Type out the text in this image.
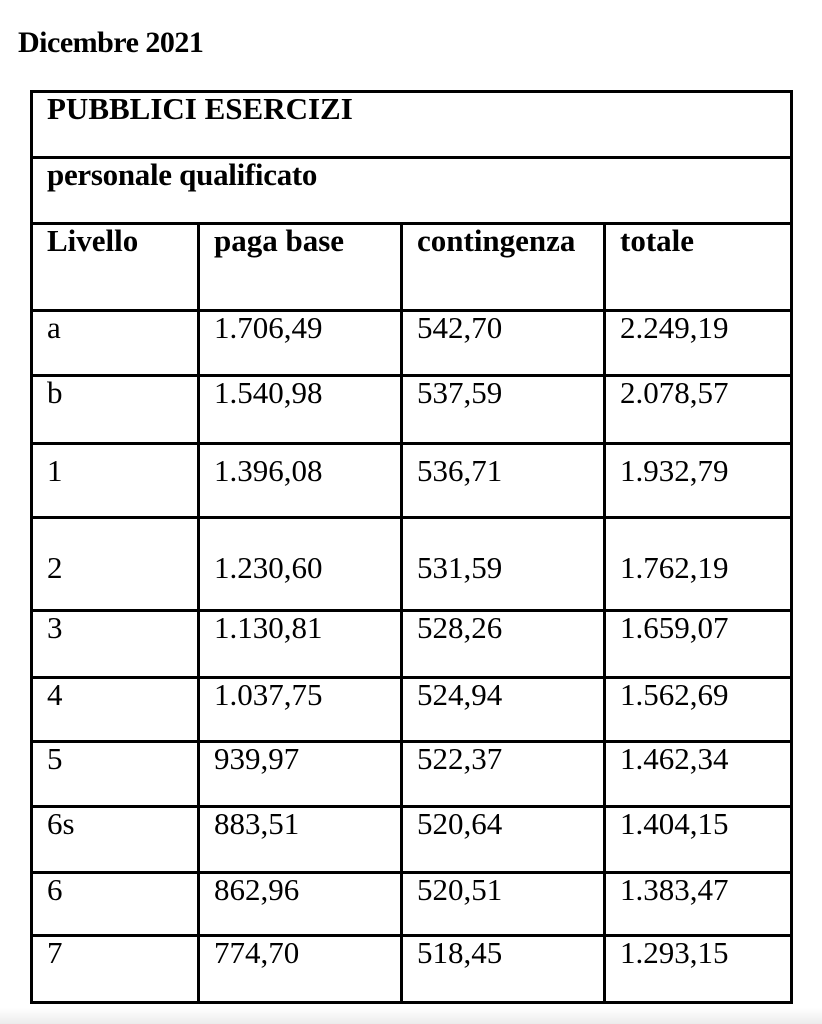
Dicembre 2021
PUBBLICI ESERCIZI			
personale qualificato			
Livello	paga base	contingenza	totale
a	1.706,49	542,70	2.249,19
b	1.540,98	537,59	2.078,57
1	1.396,08	536,71	1.932,79
2	1.230,60	531,59	1.762,19
3	1.130,81	528,26	1.659,07
4	1.037,75	524,94	1.562,69
5	939,97	522,37	1.462,34
6s	883,51	520,64	1.404,15
6	862,96	520,51	1.383,47
7	774,70	518,45	1.293,15
